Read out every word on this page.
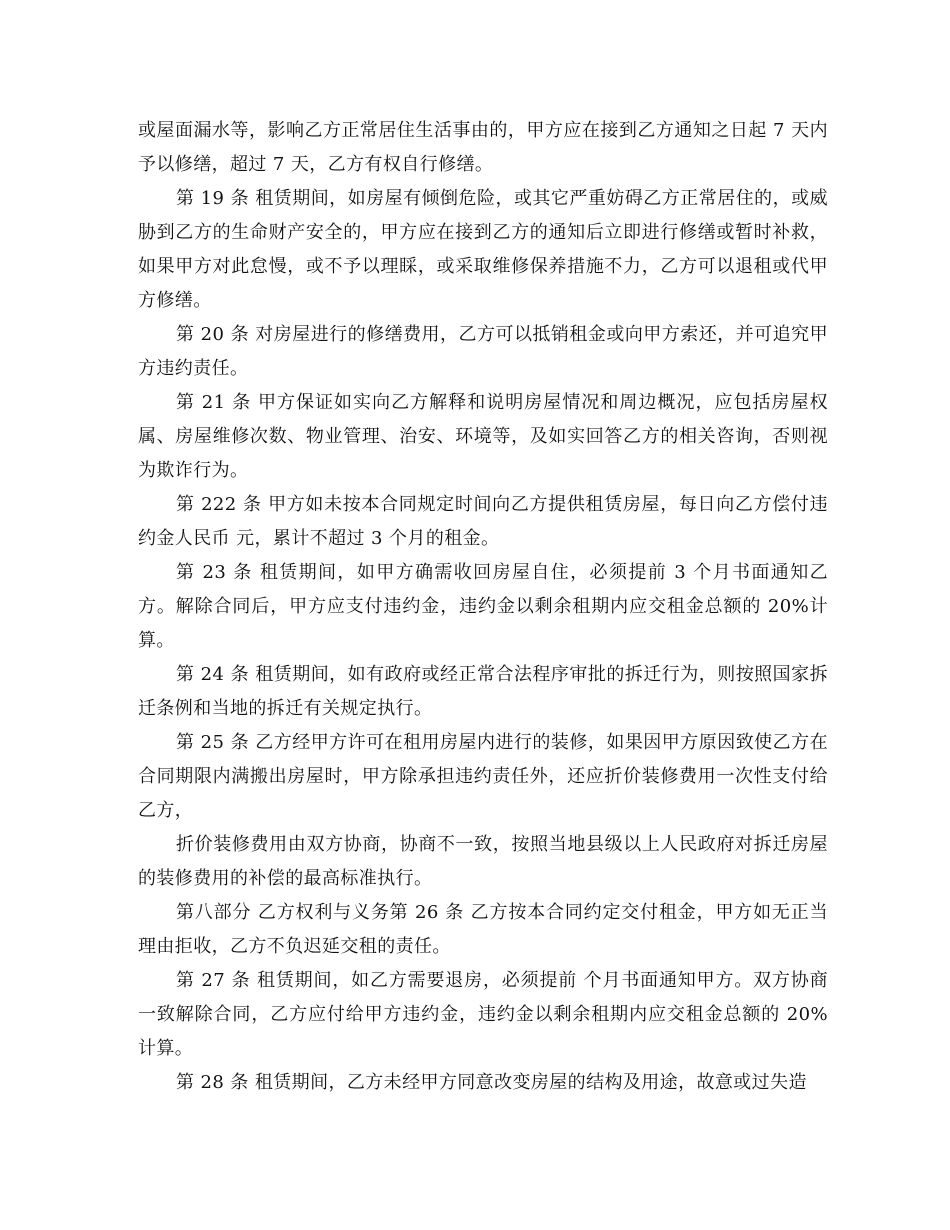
或屋面漏水等，影响乙方正常居住生活事由的，甲方应在接到乙方通知之日起 7 天内予以修缮，超过 7 天，乙方有权自行修缮。

第 19 条 租赁期间，如房屋有倾倒危险，或其它严重妨碍乙方正常居住的，或威胁到乙方的生命财产安全的，甲方应在接到乙方的通知后立即进行修缮或暂时补救，如果甲方对此怠慢，或不予以理睬，或采取维修保养措施不力，乙方可以退租或代甲方修缮。

第 20 条 对房屋进行的修缮费用，乙方可以抵销租金或向甲方索还，并可追究甲方违约责任。

第 21 条 甲方保证如实向乙方解释和说明房屋情况和周边概况，应包括房屋权属、房屋维修次数、物业管理、治安、环境等，及如实回答乙方的相关咨询，否则视为欺诈行为。

第 222 条 甲方如未按本合同规定时间向乙方提供租赁房屋，每日向乙方偿付违约金人民币 元，累计不超过 3 个月的租金。

第 23 条 租赁期间，如甲方确需收回房屋自住，必须提前 3 个月书面通知乙方。解除合同后，甲方应支付违约金，违约金以剩余租期内应交租金总额的 20%计算。

第 24 条 租赁期间，如有政府或经正常合法程序审批的拆迁行为，则按照国家拆迁条例和当地的拆迁有关规定执行。

第 25 条 乙方经甲方许可在租用房屋内进行的装修，如果因甲方原因致使乙方在合同期限内满搬出房屋时，甲方除承担违约责任外，还应折价装修费用一次性支付给乙方，

折价装修费用由双方协商，协商不一致，按照当地县级以上人民政府对拆迁房屋的装修费用的补偿的最高标准执行。

第八部分 乙方权利与义务第 26 条 乙方按本合同约定交付租金，甲方如无正当理由拒收，乙方不负迟延交租的责任。

第 27 条 租赁期间，如乙方需要退房，必须提前 个月书面通知甲方。双方协商一致解除合同，乙方应付给甲方违约金，违约金以剩余租期内应交租金总额的 20%计算。

第 28 条 租赁期间，乙方未经甲方同意改变房屋的结构及用途，故意或过失造
